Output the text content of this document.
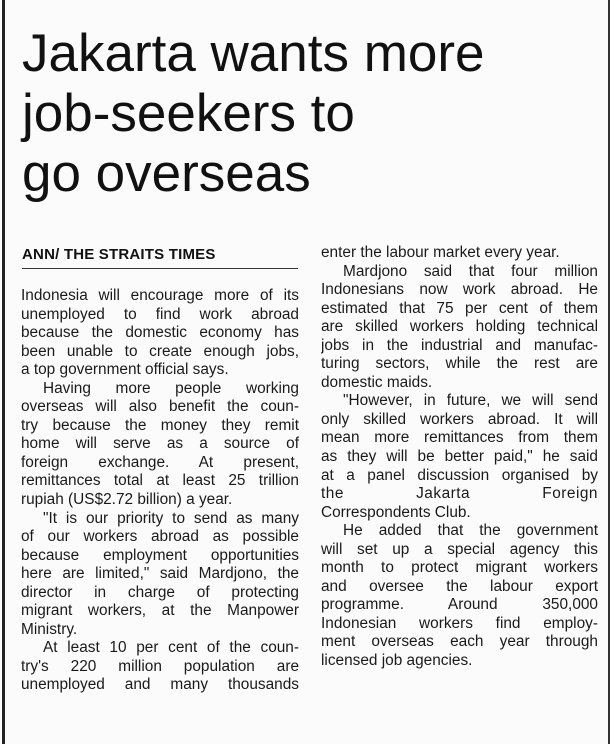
Jakarta wants more
job-seekers to
go overseas
ANN/ THE STRAITS TIMES
Indonesia will encourage more of its
unemployed to find work abroad
because the domestic economy has
been unable to create enough jobs,
a top government official says.
Having more people working
overseas will also benefit the coun-
try because the money they remit
home will serve as a source of
foreign exchange. At present,
remittances total at least 25 trillion
rupiah (US$2.72 billion) a year.
"It is our priority to send as many
of our workers abroad as possible
because employment opportunities
here are limited," said Mardjono, the
director in charge of protecting
migrant workers, at the Manpower
Ministry.
At least 10 per cent of the coun-
try's 220 million population are
unemployed and many thousands
enter the labour market every year.
Mardjono said that four million
Indonesians now work abroad. He
estimated that 75 per cent of them
are skilled workers holding technical
jobs in the industrial and manufac-
turing sectors, while the rest are
domestic maids.
"However, in future, we will send
only skilled workers abroad. It will
mean more remittances from them
as they will be better paid," he said
at a panel discussion organised by
the Jakarta Foreign
Correspondents Club.
He added that the government
will set up a special agency this
month to protect migrant workers
and oversee the labour export
programme. Around 350,000
Indonesian workers find employ-
ment overseas each year through
licensed job agencies.
